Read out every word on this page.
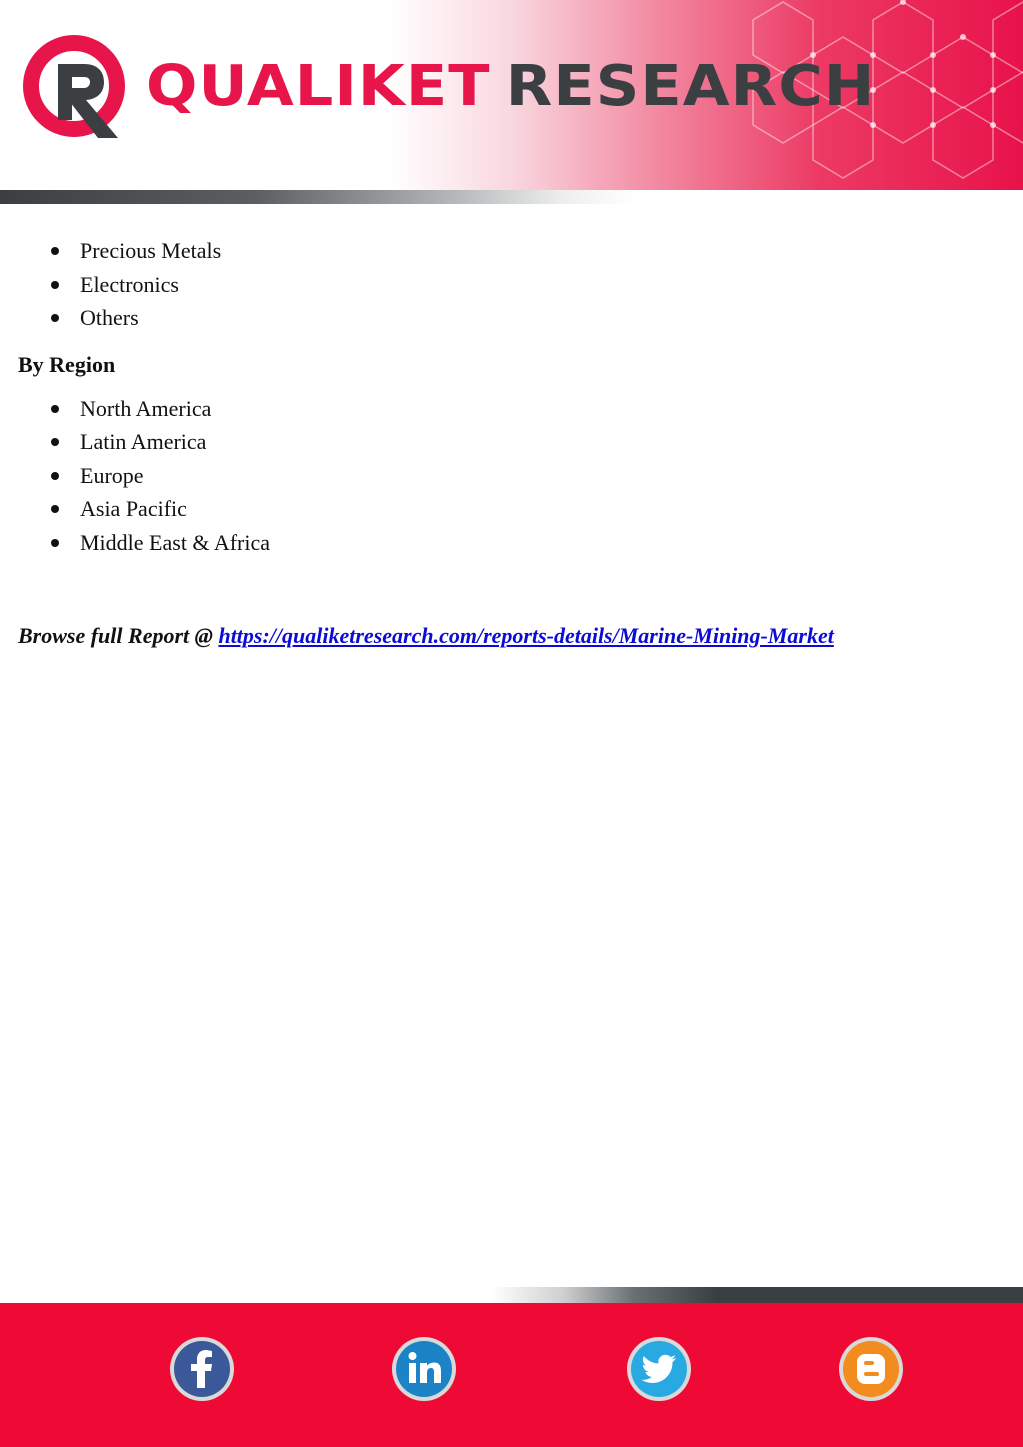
QUALIKET RESEARCH
Precious Metals
Electronics
Others
By Region
North America
Latin America
Europe
Asia Pacific
Middle East & Africa
Browse full Report @ https://qualiketresearch.com/reports-details/Marine-Mining-Market
